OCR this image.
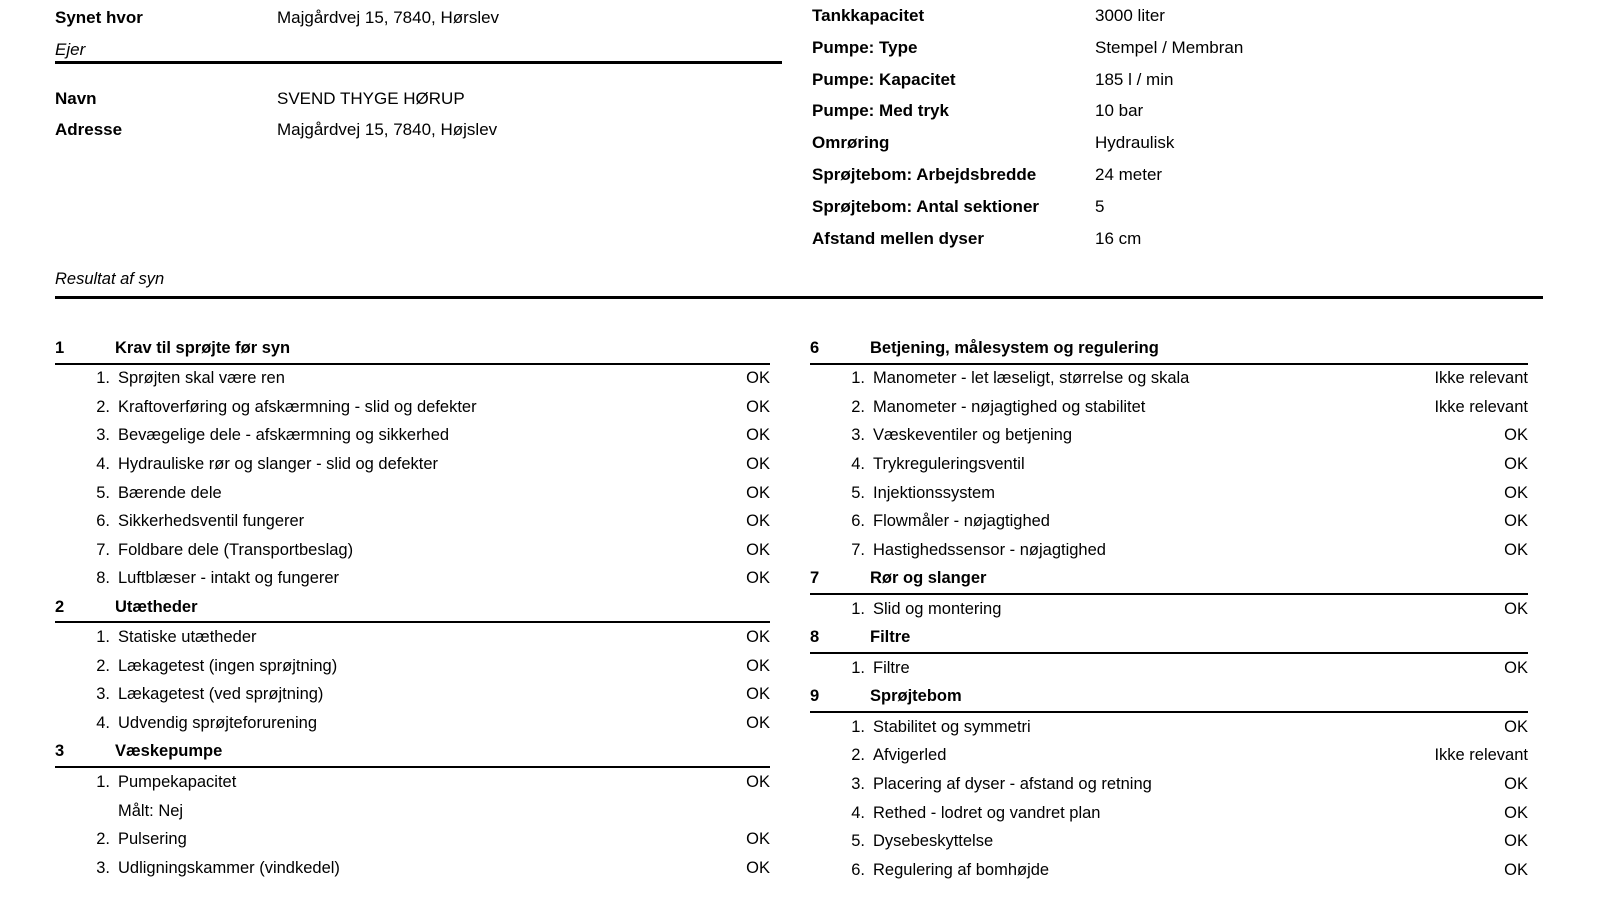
Synet hvor	Majgårdvej 15, 7840, Hørslev
Ejer
Navn	SVEND THYGE HØRUP
Adresse	Majgårdvej 15, 7840, Højslev
Tankkapacitet	3000 liter
Pumpe: Type	Stempel / Membran
Pumpe: Kapacitet	185 l / min
Pumpe: Med tryk	10 bar
Omrøring	Hydraulisk
Sprøjtebom: Arbejdsbredde	24 meter
Sprøjtebom: Antal sektioner	5
Afstand mellen dyser	16 cm
Resultat af syn
1	Krav til sprøjte før syn
1. Sprøjten skal være ren	OK
2. Kraftoverføring og afskærmning - slid og defekter	OK
3. Bevægelige dele - afskærmning og sikkerhed	OK
4. Hydrauliske rør og slanger - slid og defekter	OK
5. Bærende dele	OK
6. Sikkerhedsventil fungerer	OK
7. Foldbare dele (Transportbeslag)	OK
8. Luftblæser - intakt og fungerer	OK
2	Utætheder
1. Statiske utætheder	OK
2. Lækagetest (ingen sprøjtning)	OK
3. Lækagetest (ved sprøjtning)	OK
4. Udvendig sprøjteforurening	OK
3	Væskepumpe
1. Pumpekapacitet	OK
Målt: Nej
2. Pulsering	OK
3. Udligningskammer (vindkedel)	OK
6	Betjening, målesystem og regulering
1. Manometer - let læseligt, størrelse og skala	Ikke relevant
2. Manometer - nøjagtighed og stabilitet	Ikke relevant
3. Væskeventiler og betjening	OK
4. Trykreguleringsventil	OK
5. Injektionssystem	OK
6. Flowmåler - nøjagtighed	OK
7. Hastighedssensor - nøjagtighed	OK
7	Rør og slanger
1. Slid og montering	OK
8	Filtre
1. Filtre	OK
9	Sprøjtebom
1. Stabilitet og symmetri	OK
2. Afvigerled	Ikke relevant
3. Placering af dyser - afstand og retning	OK
4. Rethed - lodret og vandret plan	OK
5. Dysebeskyttelse	OK
6. Regulering af bomhøjde	OK
